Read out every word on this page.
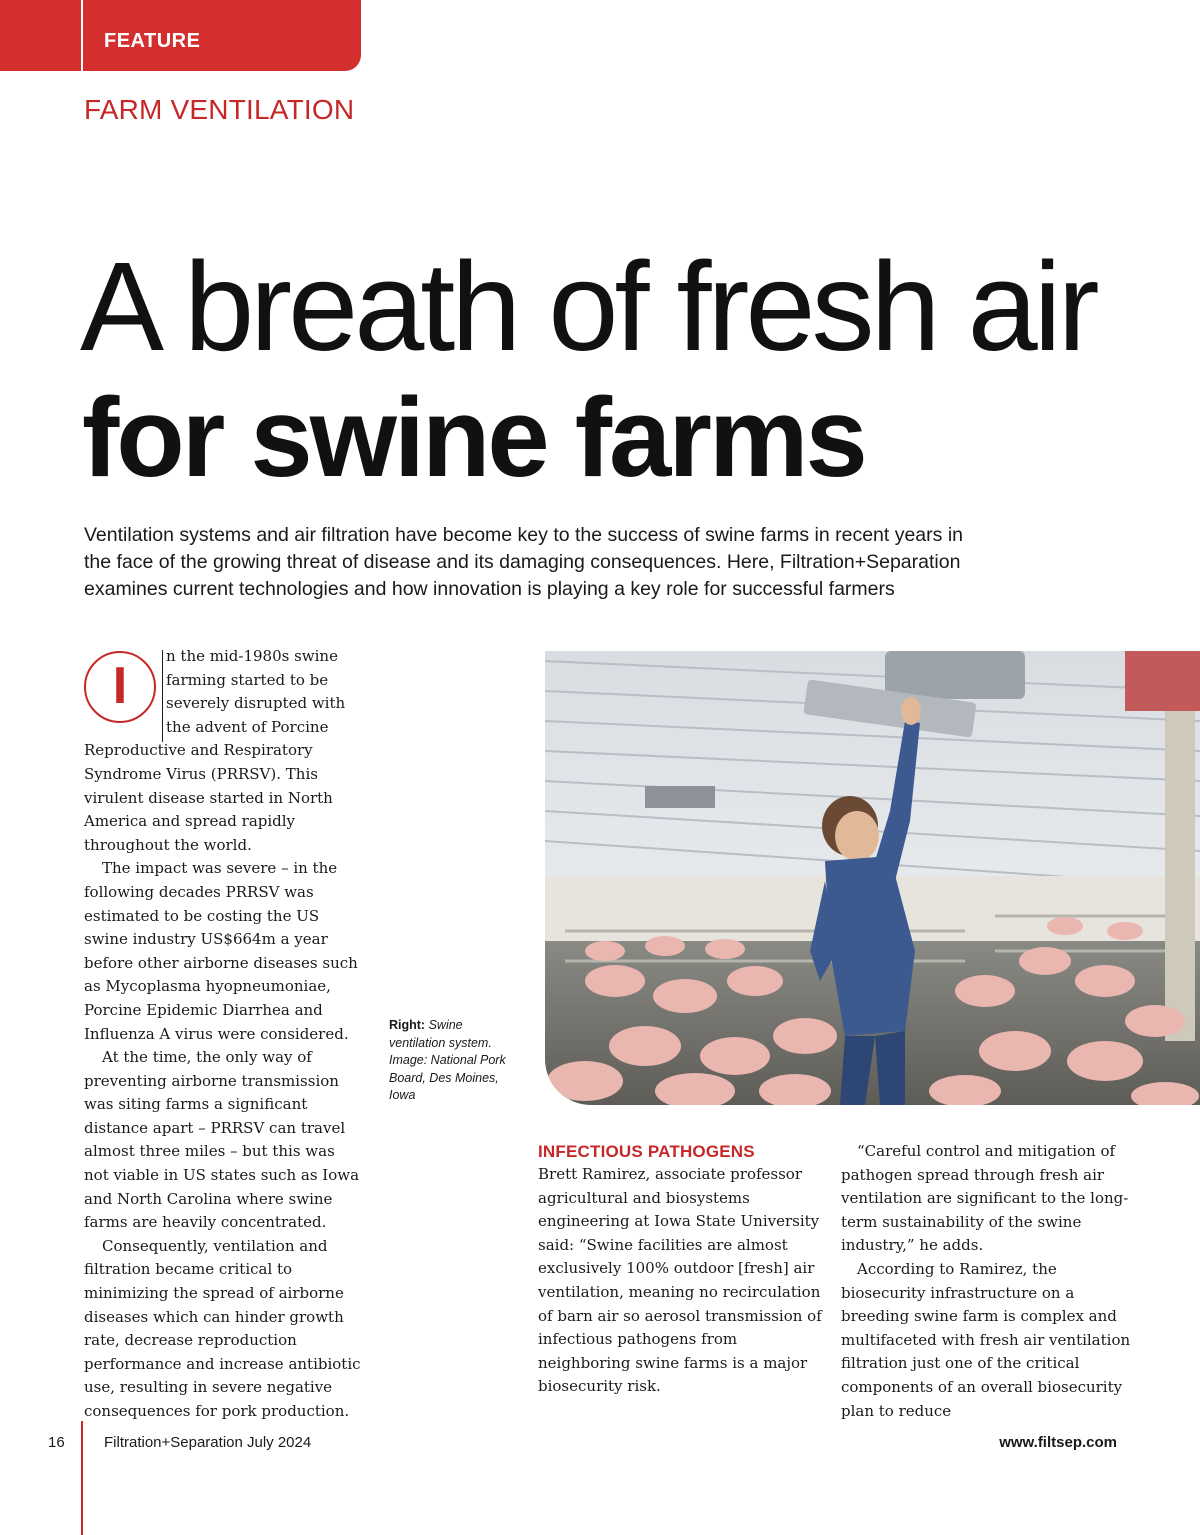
FEATURE
FARM VENTILATION
A breath of fresh air
for swine farms
Ventilation systems and air filtration have become key to the success of swine farms in recent years in the face of the growing threat of disease and its damaging consequences. Here, Filtration+Separation examines current technologies and how innovation is playing a key role for successful farmers

I
n the mid-1980s swine farming started to be severely disrupted with the advent of Porcine Reproductive and Respiratory Syndrome Virus (PRRSV). This virulent disease started in North America and spread rapidly throughout the world.

The impact was severe – in the following decades PRRSV was estimated to be costing the US swine industry US$664m a year before other airborne diseases such as Mycoplasma hyopneumoniae, Porcine Epidemic Diarrhea and Influenza A virus were considered.

At the time, the only way of preventing airborne transmission was siting farms a significant distance apart – PRRSV can travel almost three miles – but this was not viable in US states such as Iowa and North Carolina where swine farms are heavily concentrated.

Consequently, ventilation and filtration became critical to minimizing the spread of airborne diseases which can hinder growth rate, decrease reproduction performance and increase antibiotic use, resulting in severe negative consequences for pork production.

Right: Swine ventilation system. Image: National Pork Board, Des Moines, Iowa
INFECTIOUS PATHOGENS

Brett Ramirez, associate professor agricultural and biosystems engineering at Iowa State University said: “Swine facilities are almost exclusively 100% outdoor [fresh] air ventilation, meaning no recirculation of barn air so aerosol transmission of infectious pathogens from neighboring swine farms is a major biosecurity risk.

“Careful control and mitigation of pathogen spread through fresh air ventilation are significant to the long-term sustainability of the swine industry,” he adds.

According to Ramirez, the biosecurity infrastructure on a breeding swine farm is complex and multifaceted with fresh air ventilation filtration just one of the critical components of an overall biosecurity plan to reduce

16	Filtration+Separation July 2024	www.filtsep.com
